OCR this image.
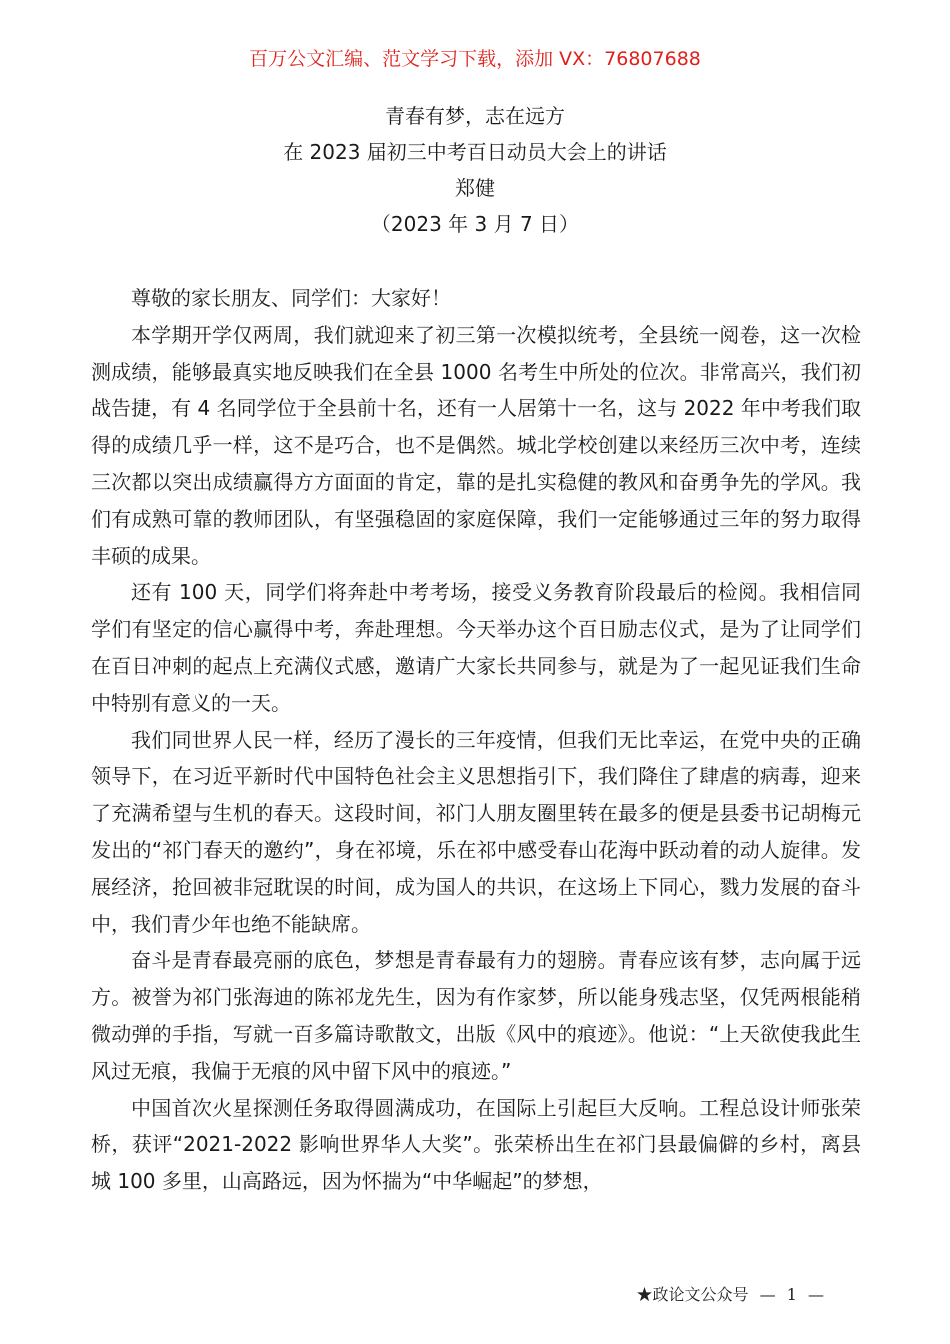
百万公文汇编、范文学习下载，添加 VX：76807688
青春有梦，志在远方
在 2023 届初三中考百日动员大会上的讲话
郑健
（2023 年 3 月 7 日）

尊敬的家长朋友、同学们：大家好！

本学期开学仅两周，我们就迎来了初三第一次模拟统考，全县统一阅卷，这一次检测成绩，能够最真实地反映我们在全县 1000 名考生中所处的位次。非常高兴，我们初战告捷，有 4 名同学位于全县前十名，还有一人居第十一名，这与 2022 年中考我们取得的成绩几乎一样，这不是巧合，也不是偶然。城北学校创建以来经历三次中考，连续三次都以突出成绩赢得方方面面的肯定，靠的是扎实稳健的教风和奋勇争先的学风。我们有成熟可靠的教师团队，有坚强稳固的家庭保障，我们一定能够通过三年的努力取得丰硕的成果。

还有 100 天，同学们将奔赴中考考场，接受义务教育阶段最后的检阅。我相信同学们有坚定的信心赢得中考，奔赴理想。今天举办这个百日励志仪式，是为了让同学们在百日冲刺的起点上充满仪式感，邀请广大家长共同参与，就是为了一起见证我们生命中特别有意义的一天。

我们同世界人民一样，经历了漫长的三年疫情，但我们无比幸运，在党中央的正确领导下，在习近平新时代中国特色社会主义思想指引下，我们降住了肆虐的病毒，迎来了充满希望与生机的春天。这段时间，祁门人朋友圈里转在最多的便是县委书记胡梅元发出的“祁门春天的邀约”，身在祁境，乐在祁中感受春山花海中跃动着的动人旋律。发展经济，抢回被非冠耽误的时间，成为国人的共识，在这场上下同心，戮力发展的奋斗中，我们青少年也绝不能缺席。

奋斗是青春最亮丽的底色，梦想是青春最有力的翅膀。青春应该有梦，志向属于远方。被誉为祁门张海迪的陈祁龙先生，因为有作家梦，所以能身残志坚，仅凭两根能稍微动弹的手指，写就一百多篇诗歌散文，出版《风中的痕迹》。他说：“上天欲使我此生风过无痕，我偏于无痕的风中留下风中的痕迹。”

中国首次火星探测任务取得圆满成功，在国际上引起巨大反响。工程总设计师张荣桥，获评“2021-2022 影响世界华人大奖”。张荣桥出生在祁门县最偏僻的乡村，离县城 100 多里，山高路远，因为怀揣为“中华崛起”的梦想，

★政论文公众号 — 1 —
